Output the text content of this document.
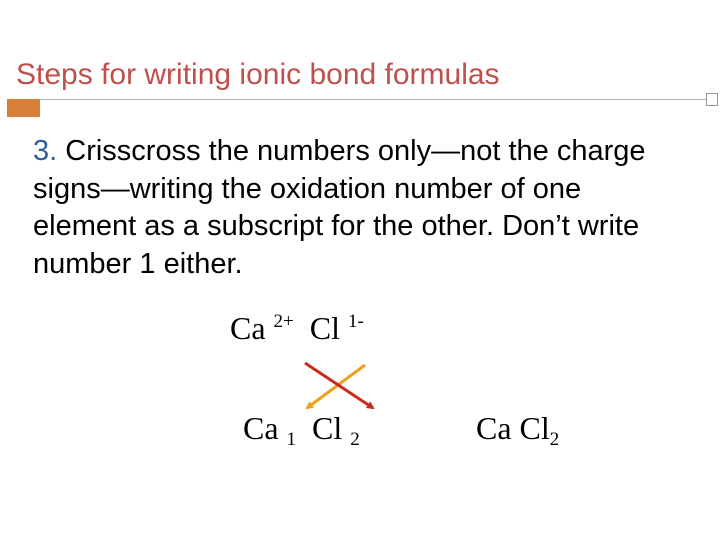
Steps for writing ionic bond formulas
3. Crisscross the numbers only—not the charge signs—writing the oxidation number of one element as a subscript for the other. Don’t write number 1 either.
Ca $^{2+}$ Cl $^{1-}$
Ca $_1$ Cl $_2$	Ca $Cl_2$
